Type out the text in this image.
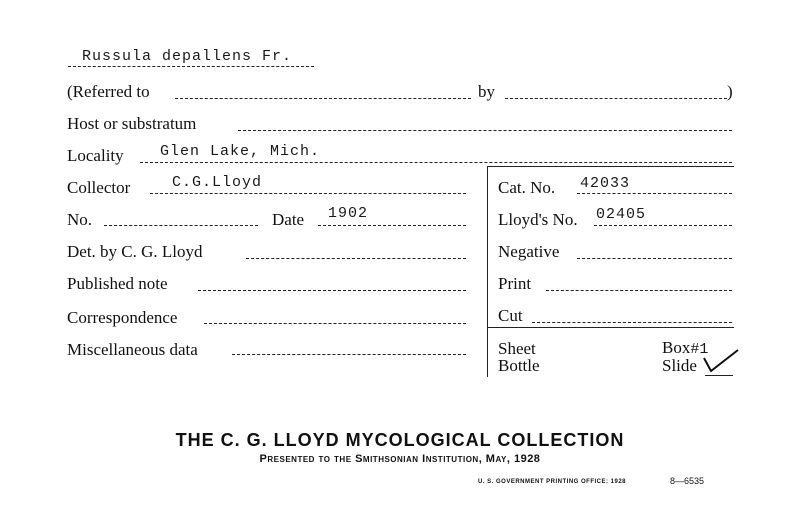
Russula depallens Fr.
(Referred to	by	)
Host or substratum
Locality Glen Lake, Mich.
Collector	C.G.Lloyd
No.	Date 1902
Det. by C. G. Lloyd
Published note
Correspondence
Miscellaneous data
Cat. No. 42033
Lloyd's No. 02405
Negative
Print
Cut
Sheet
Bottle
Box#1
Slide
THE C. G. LLOYD MYCOLOGICAL COLLECTION
Presented to the Smithsonian Institution, May, 1928
U. S. GOVERNMENT PRINTING OFFICE: 1928	8—6535
